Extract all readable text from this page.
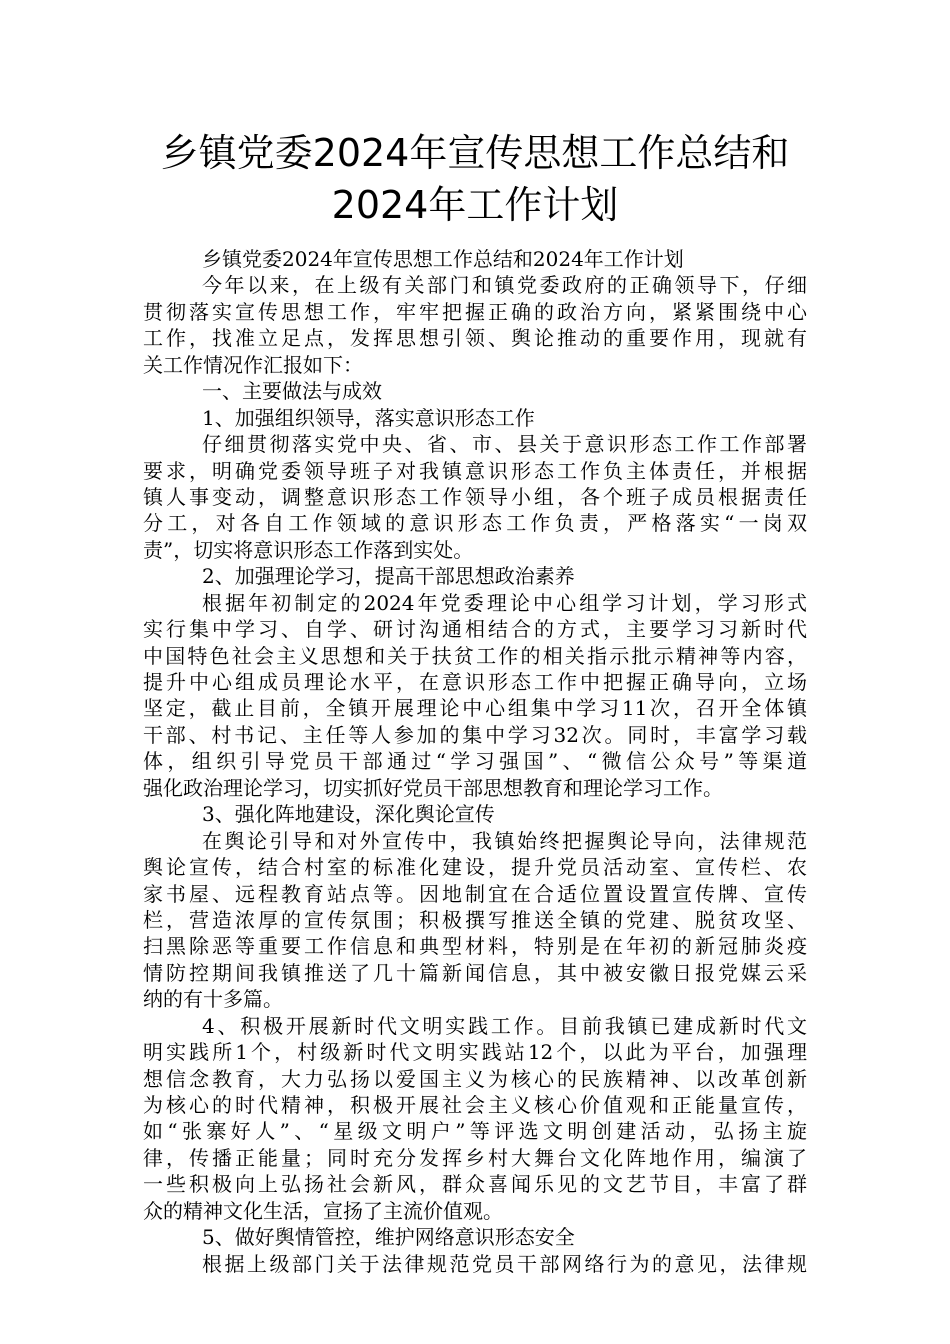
乡镇党委2024年宣传思想工作总结和
2024年工作计划
乡镇党委2024年宣传思想工作总结和2024年工作计划
今年以来，在上级有关部门和镇党委政府的正确领导下，仔细
贯彻落实宣传思想工作，牢牢把握正确的政治方向，紧紧围绕中心
工作，找准立足点，发挥思想引领、舆论推动的重要作用，现就有
关工作情况作汇报如下：
一、主要做法与成效
1、加强组织领导，落实意识形态工作
仔细贯彻落实党中央、省、市、县关于意识形态工作工作部署
要求，明确党委领导班子对我镇意识形态工作负主体责任，并根据
镇人事变动，调整意识形态工作领导小组，各个班子成员根据责任
分工，对各自工作领域的意识形态工作负责，严格落实“一岗双
责”，切实将意识形态工作落到实处。
2、加强理论学习，提高干部思想政治素养
根据年初制定的2024年党委理论中心组学习计划，学习形式
实行集中学习、自学、研讨沟通相结合的方式，主要学习习新时代
中国特色社会主义思想和关于扶贫工作的相关指示批示精神等内容，
提升中心组成员理论水平，在意识形态工作中把握正确导向，立场
坚定，截止目前，全镇开展理论中心组集中学习11次，召开全体镇
干部、村书记、主任等人参加的集中学习32次。同时，丰富学习载
体，组织引导党员干部通过“学习强国”、“微信公众号”等渠道
强化政治理论学习，切实抓好党员干部思想教育和理论学习工作。
3、强化阵地建设，深化舆论宣传
在舆论引导和对外宣传中，我镇始终把握舆论导向，法律规范
舆论宣传，结合村室的标准化建设，提升党员活动室、宣传栏、农
家书屋、远程教育站点等。因地制宜在合适位置设置宣传牌、宣传
栏，营造浓厚的宣传氛围；积极撰写推送全镇的党建、脱贫攻坚、
扫黑除恶等重要工作信息和典型材料，特别是在年初的新冠肺炎疫
情防控期间我镇推送了几十篇新闻信息，其中被安徽日报党媒云采
纳的有十多篇。
4、积极开展新时代文明实践工作。目前我镇已建成新时代文
明实践所1个，村级新时代文明实践站12个，以此为平台，加强理
想信念教育，大力弘扬以爱国主义为核心的民族精神、以改革创新
为核心的时代精神，积极开展社会主义核心价值观和正能量宣传，
如“张寨好人”、“星级文明户”等评选文明创建活动，弘扬主旋
律，传播正能量；同时充分发挥乡村大舞台文化阵地作用，编演了
一些积极向上弘扬社会新风，群众喜闻乐见的文艺节目，丰富了群
众的精神文化生活，宣扬了主流价值观。
5、做好舆情管控，维护网络意识形态安全
根据上级部门关于法律规范党员干部网络行为的意见，法律规
